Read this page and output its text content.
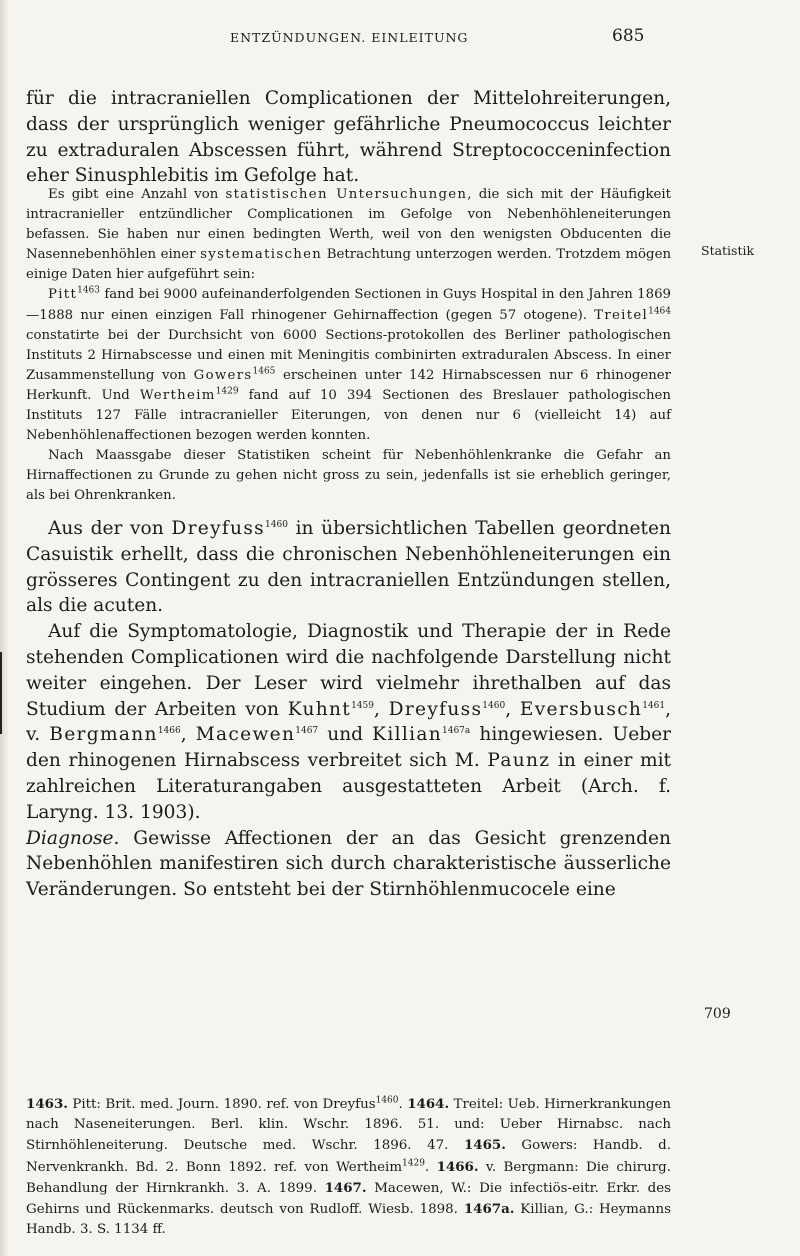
ENTZÜNDUNGEN. EINLEITUNG	685

für die intracraniellen Complicationen der Mittelohreiterungen, dass der ursprünglich weniger gefährliche Pneumococcus leichter zu extraduralen Abscessen führt, während Streptococceninfection eher Sinusphlebitis im Gefolge hat.

Es gibt eine Anzahl von statistischen Untersuchungen, die sich mit der Häufigkeit intracranieller entzündlicher Complicationen im Gefolge von Nebenhöhleneiterungen befassen. Sie haben nur einen bedingten Werth, weil von den wenigsten Obducenten die Nasennebenhöhlen einer systematischen Betrachtung unterzogen werden. Trotzdem mögen einige Daten hier aufgeführt sein:

Pitt$^{1463}$ fand bei 9000 aufeinanderfolgenden Sectionen in Guys Hospital in den Jahren 1869—1888 nur einen einzigen Fall rhinogener Gehirnaffection (gegen 57 otogene). Treitel$^{1464}$ constatirte bei der Durchsicht von 6000 Sections-protokollen des Berliner pathologischen Instituts 2 Hirnabscesse und einen mit Meningitis combinirten extraduralen Abscess. In einer Zusammenstellung von Gowers$^{1465}$ erscheinen unter 142 Hirnabscessen nur 6 rhinogener Herkunft. Und Wertheim$^{1429}$ fand auf 10 394 Sectionen des Breslauer pathologischen Instituts 127 Fälle intracranieller Eiterungen, von denen nur 6 (vielleicht 14) auf Nebenhöhlenaffectionen bezogen werden konnten.

Nach Maassgabe dieser Statistiken scheint für Nebenhöhlenkranke die Gefahr an Hirnaffectionen zu Grunde zu gehen nicht gross zu sein, jedenfalls ist sie erheblich geringer, als bei Ohrenkranken.

Statistik

Aus der von Dreyfuss$^{1460}$ in übersichtlichen Tabellen geordneten Casuistik erhellt, dass die chronischen Nebenhöhleneiterungen ein grösseres Contingent zu den intracraniellen Entzündungen stellen, als die acuten.

Auf die Symptomatologie, Diagnostik und Therapie der in Rede stehenden Complicationen wird die nachfolgende Darstellung nicht weiter eingehen. Der Leser wird vielmehr ihrethalben auf das Studium der Arbeiten von Kuhnt$^{1459}$, Dreyfuss$^{1460}$, Eversbusch$^{1461}$, v. Bergmann$^{1466}$, Macewen$^{1467}$ und Killian$^{1467a}$ hingewiesen. Ueber den rhinogenen Hirnabscess verbreitet sich M. Paunz in einer mit zahlreichen Literaturangaben ausgestatteten Arbeit (Arch. f. Laryng. 13. 1903).

Diagnose. Gewisse Affectionen der an das Gesicht grenzenden Nebenhöhlen manifestiren sich durch charakteristische äusserliche Veränderungen. So entsteht bei der Stirnhöhlenmucocele eine

709
1463. Pitt: Brit. med. Journ. 1890. ref. von Dreyfus$^{1460}$. 1464. Treitel: Ueb. Hirnerkrankungen nach Naseneiterungen. Berl. klin. Wschr. 1896. 51. und: Ueber Hirnabsc. nach Stirnhöhleneiterung. Deutsche med. Wschr. 1896. 47. 1465. Gowers: Handb. d. Nervenkrankh. Bd. 2. Bonn 1892. ref. von Wertheim$^{1429}$. 1466. v. Bergmann: Die chirurg. Behandlung der Hirnkrankh. 3. A. 1899. 1467. Macewen, W.: Die infectiös-eitr. Erkr. des Gehirns und Rückenmarks. deutsch von Rudloff. Wiesb. 1898. 1467a. Killian, G.: Heymanns Handb. 3. S. 1134 ff.
